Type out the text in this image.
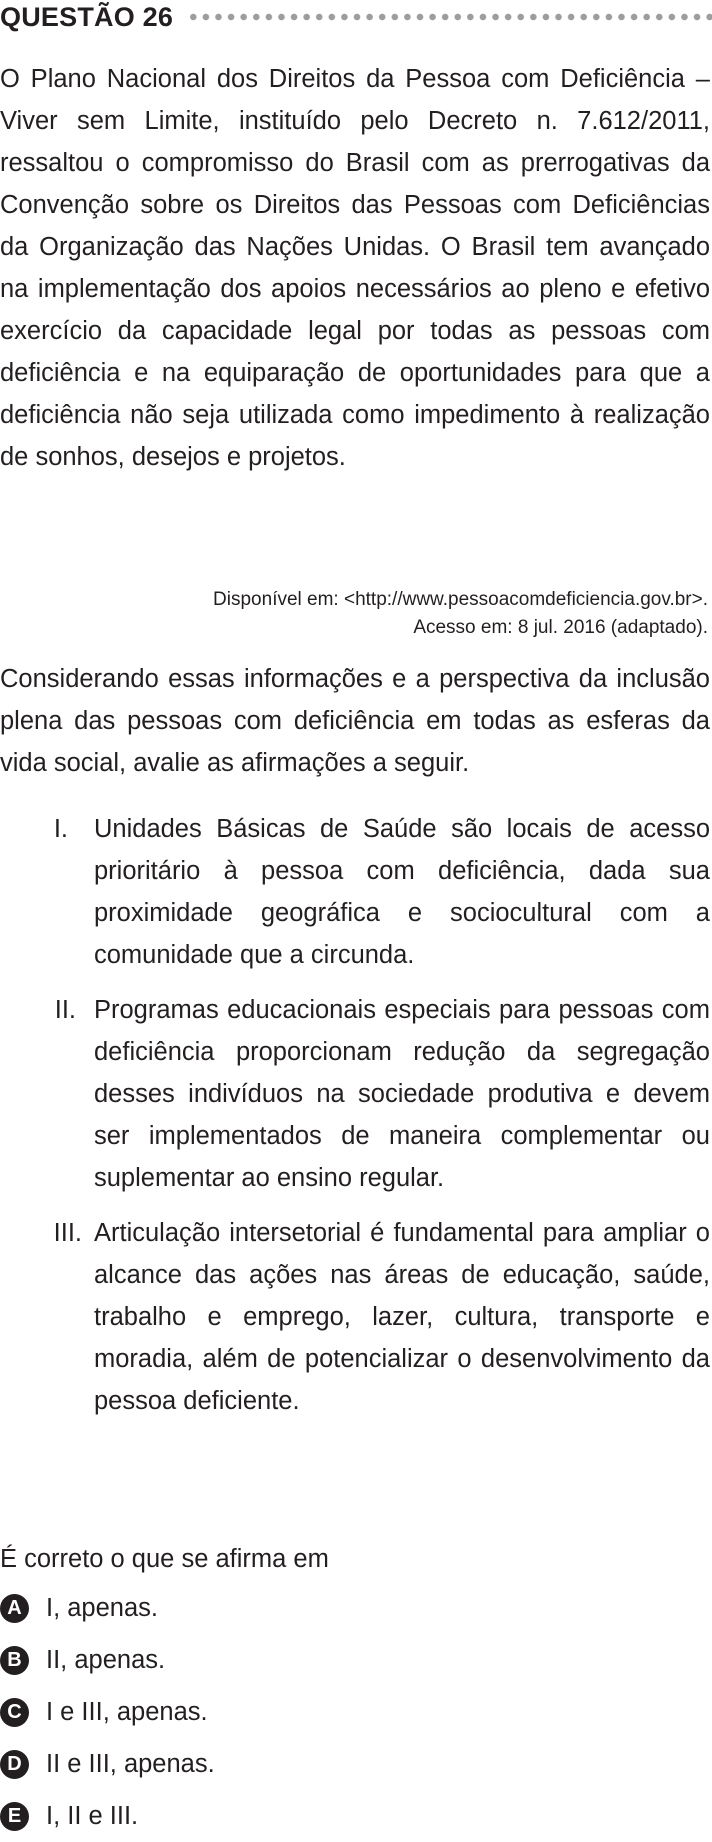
QUESTÃO 26

O Plano Nacional dos Direitos da Pessoa com Deficiência – Viver sem Limite, instituído pelo Decreto n. 7.612/2011, ressaltou o compromisso do Brasil com as prerrogativas da Convenção sobre os Direitos das Pessoas com Deficiências da Organização das Nações Unidas. O Brasil tem avançado na implementação dos apoios necessários ao pleno e efetivo exercício da capacidade legal por todas as pessoas com deficiência e na equiparação de oportunidades para que a deficiência não seja utilizada como impedimento à realização de sonhos, desejos e projetos.

Disponível em: <http://www.pessoacomdeficiencia.gov.br>.
Acesso em: 8 jul. 2016 (adaptado).

Considerando essas informações e a perspectiva da inclusão plena das pessoas com deficiência em todas as esferas da vida social, avalie as afirmações a seguir.

I. Unidades Básicas de Saúde são locais de acesso prioritário à pessoa com deficiência, dada sua proximidade geográfica e sociocultural com a comunidade que a circunda.
II. Programas educacionais especiais para pessoas com deficiência proporcionam redução da segregação desses indivíduos na sociedade produtiva e devem ser implementados de maneira complementar ou suplementar ao ensino regular.
III. Articulação intersetorial é fundamental para ampliar o alcance das ações nas áreas de educação, saúde, trabalho e emprego, lazer, cultura, transporte e moradia, além de potencializar o desenvolvimento da pessoa deficiente.

É correto o que se afirma em

A I, apenas.
B II, apenas.
C I e III, apenas.
D II e III, apenas.
E I, II e III.
